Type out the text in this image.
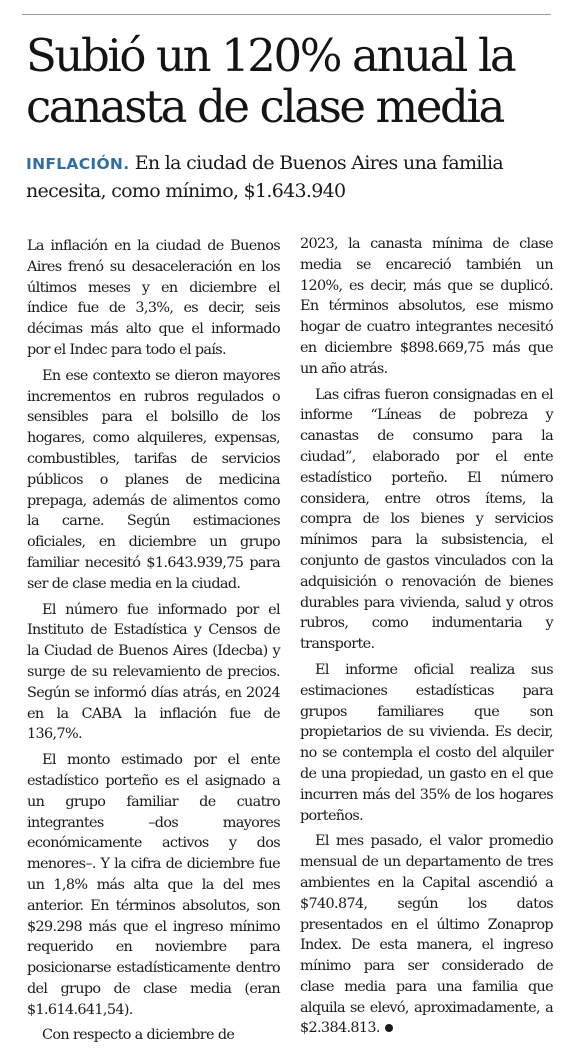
Subió un 120% anual la canasta de clase media

INFLACIÓN. En la ciudad de Buenos Aires una familia necesita, como mínimo, $1.643.940

La inflación en la ciudad de Buenos Aires frenó su desaceleración en los últimos meses y en diciembre el índice fue de 3,3%, es decir, seis décimas más alto que el informado por el Indec para todo el país.

En ese contexto se dieron mayores incrementos en rubros regulados o sensibles para el bolsillo de los hogares, como alquileres, expensas, combustibles, tarifas de servicios públicos o planes de medicina prepaga, además de alimentos como la carne. Según estimaciones oficiales, en diciembre un grupo familiar necesitó $1.643.939,75 para ser de clase media en la ciudad.

El número fue informado por el Instituto de Estadística y Censos de la Ciudad de Buenos Aires (Idecba) y surge de su relevamiento de precios. Según se informó días atrás, en 2024 en la CABA la inflación fue de 136,7%.

El monto estimado por el ente estadístico porteño es el asignado a un grupo familiar de cuatro integrantes –dos mayores económicamente activos y dos menores–. Y la cifra de diciembre fue un 1,8% más alta que la del mes anterior. En términos absolutos, son $29.298 más que el ingreso mínimo requerido en noviembre para posicionarse estadísticamente dentro del grupo de clase media (eran $1.614.641,54).

Con respecto a diciembre de

2023, la canasta mínima de clase media se encareció también un 120%, es decir, más que se duplicó. En términos absolutos, ese mismo hogar de cuatro integrantes necesitó en diciembre $898.669,75 más que un año atrás.

Las cifras fueron consignadas en el informe “Líneas de pobreza y canastas de consumo para la ciudad”, elaborado por el ente estadístico porteño. El número considera, entre otros ítems, la compra de los bienes y servicios mínimos para la subsistencia, el conjunto de gastos vinculados con la adquisición o renovación de bienes durables para vivienda, salud y otros rubros, como indumentaria y transporte.

El informe oficial realiza sus estimaciones estadísticas para grupos familiares que son propietarios de su vivienda. Es decir, no se contempla el costo del alquiler de una propiedad, un gasto en el que incurren más del 35% de los hogares porteños.

El mes pasado, el valor promedio mensual de un departamento de tres ambientes en la Capital ascendió a $740.874, según los datos presentados en el último Zonaprop Index. De esta manera, el ingreso mínimo para ser considerado de clase media para una familia que alquila se elevó, aproximadamente, a $2.384.813.
